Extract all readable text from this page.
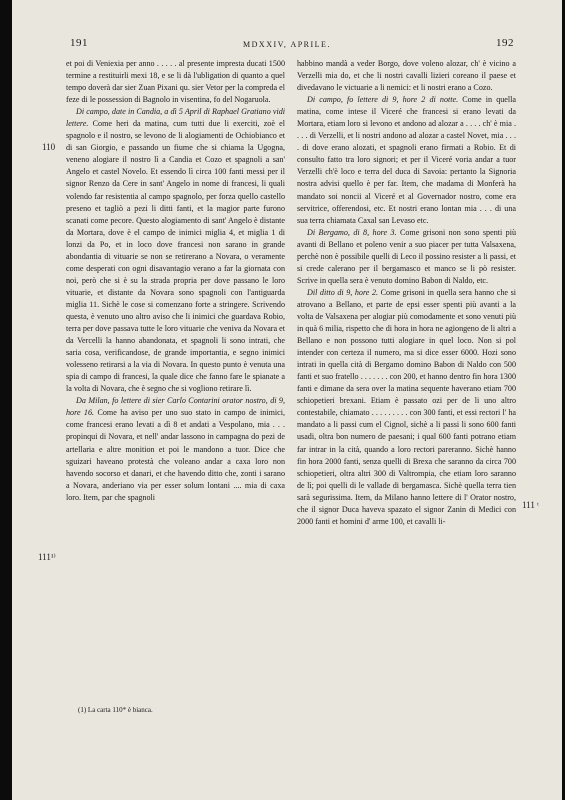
191	MDXXIV, APRILE.	192
110
111¹⁾
111 ᵗ

et poi di Veniexia per anno . . . . . al presente impresta ducati 1500 termine a restituirli mexi 18, e se li dà l'ubligation di quanto a quel tempo doverà dar sier Zuan Pixani qu. sier Vetor per la compreda el feze di le possession di Bagnolo in visentina, fo del Nogaruola.

Di campo, date in Candia, a dì 5 April di Raphael Gratiano vidi lettere. Come heri da matina, cum tutti due li exerciti, zoè el spagnolo e il nostro, se levono de li alogiamenti de Ochiobianco et di san Giorgio, e passando un fiume che si chiama la Ugogna, veneno alogiare il nostro lì a Candia et Cozo et spagnoli a san' Angelo et castel Novelo. Et essendo lì circa 100 fanti messi per il signor Renzo da Cere in sant' Angelo in nome di francesi, li quali volendo far resistentia al campo spagnolo, per forza quello castello preseno et tagliò a pezi li ditti fanti, et la magior parte furono scanati come pecore. Questo alogiamento di sant' Angelo è distante da Mortara, dove è el campo de inimici miglia 4, et miglia 1 di lonzi da Po, et in loco dove francesi non sarano in grande abondantia di vituarie se non se retirerano a Novara, o veramente come desperati con ogni disavantagio verano a far la giornata con noi, però che si è su la strada propria per dove passano le loro vituarie, et distante da Novara sono spagnoli con l'antiguarda miglia 11. Sichè le cose si comenzano forte a stringere. Scrivendo questa, è venuto uno altro aviso che li inimici che guardava Robio, terra per dove passava tutte le loro vituarie che veniva da Novara et da Vercelli la hanno abandonata, et spagnoli li sono intrati, che saria cosa, verificandose, de grande importantia, e segno inimici volesseno retirarsi a la via di Novara. In questo punto è venuta una spia di campo di francesi, la quale dice che fanno fare le spianate a la volta di Novara, che è segno che si vogliono retirare lì.

Da Milan, fo lettere di sier Carlo Contarini orator nostro, di 9, hore 16. Come ha aviso per uno suo stato in campo de inimici, come francesi erano levati a dì 8 et andati a Vespolano, mia . . . propinqui di Novara, et nell' andar lassono in campagna do pezi de artellaria e altre monition et poi le mandono a tuor. Dice che sguizari haveano protestà che voleano andar a caxa loro non havendo socorso et danari, et che havendo ditto che, zonti i sarano a Novara, anderiano via per esser solum lontani .... mia di caxa loro. Item, par che spagnoli

habbino mandà a veder Borgo, dove voleno alozar, ch' è vicino a Verzelli mia do, et che li nostri cavalli lizieri coreano il paese et divedavano le victuarie a li nemici: et li nostri erano a Cozo.

Di campo, fo lettere di 9, hore 2 di notte. Come in quella matina, come intese il Viceré che francesi si erano levati da Mortara, etiam loro si levono et andono ad alozar a . . . . ch' è mia . . . . di Verzelli, et li nostri andono ad alozar a castel Novet, mia . . . . di dove erano alozati, et spagnoli erano firmati a Robio. Et di consulto fatto tra loro signori; et per il Viceré voria andar a tuor Verzelli ch'è loco e terra del duca di Savoia: pertanto la Signoria nostra advisi quello è per far. Item, che madama di Monferà ha mandato soi noncii al Viceré et al Governador nostro, come era servitrice, offerendosi, etc. Et nostri erano lontan mia . . . di una sua terra chiamata Caxal san Levaso etc.

Di Bergamo, di 8, hore 3. Come grisoni non sono spenti più avanti di Bellano et poleno venir a suo piacer per tutta Valsaxena, perchè non è possibile quelli di Leco il possino resister a li passi, et si crede calerano per il bergamasco et manco se li pò resister. Scrive in quella sera è venuto domino Babon di Naldo, etc.

Dil ditto di 9, hore 2. Come grisoni in quella sera hanno che si atrovano a Bellano, et parte de epsi esser spenti più avanti a la volta de Valsaxena per alogiar più comodamente et sono venuti più in quà 6 milia, rispetto che di hora in hora ne agiongeno de li altri a Bellano e non possono tutti alogiare in quel loco. Non si pol intender con certeza il numero, ma si dice esser 6000. Hozi sono intrati in quella cità di Bergamo domino Babon di Naldo con 500 fanti et suo fratello . . . . . . . con 200, et hanno dentro fin hora 1300 fanti e dimane da sera over la matina sequente haverano etiam 700 schiopetieri brexani. Etiam è passato ozi per de li uno altro contestabile, chiamato . . . . . . . . . con 300 fanti, et essi rectori l' ha mandato a li passi cum el Cignol, sichè a li passi li sono 600 fanti usadi, oltra bon numero de paesani; i qual 600 fanti potrano etiam far intrar in la cità, quando a loro rectori pareranno. Sichè hanno fin hora 2000 fanti, senza quelli di Brexa che saranno da circa 700 schiopetieri, oltra altri 300 di Valtrompia, che etiam loro saranno de lì; poi quelli di le vallade di bergamasca. Sichè quella terra tien sarà segurissima. Item, da Milano hanno lettere di l' Orator nostro, che il signor Duca haveva spazato el signor Zanin di Medici con 2000 fanti et homini d' arme 100, et cavalli li-

(1) La carta 110* è bianca.
